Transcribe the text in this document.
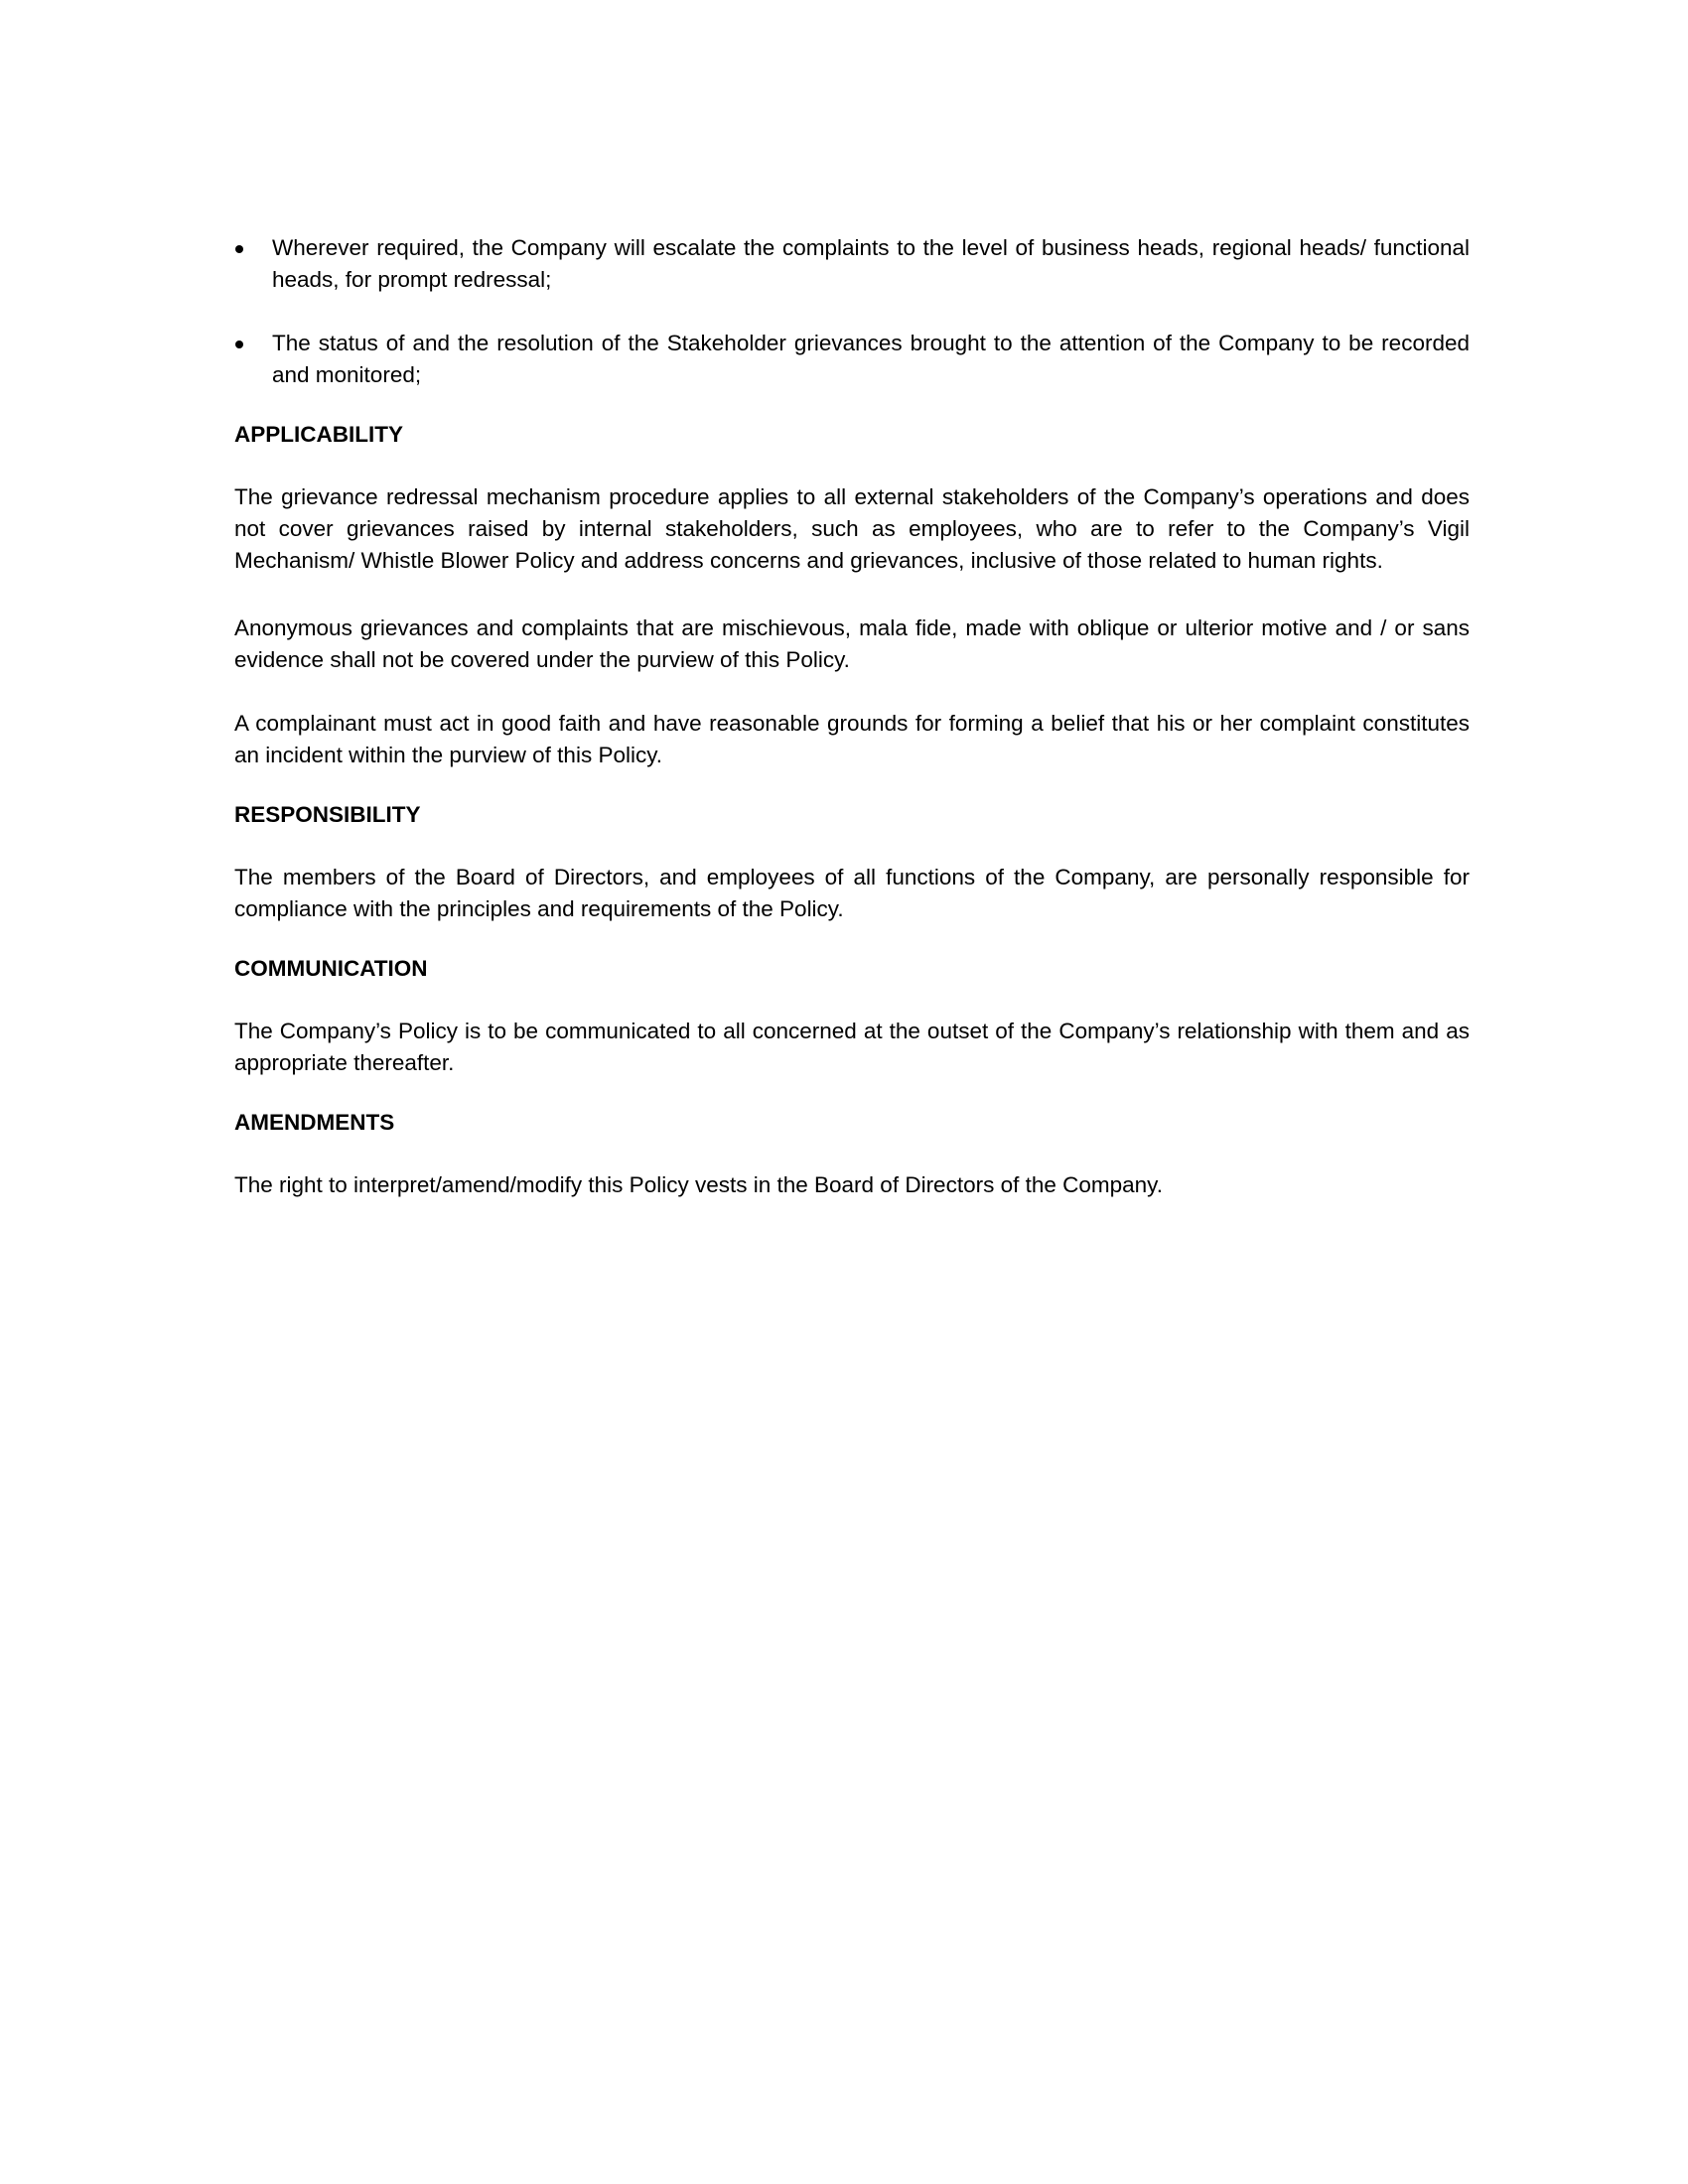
Wherever required, the Company will escalate the complaints to the level of business heads, regional heads/ functional heads, for prompt redressal;
The status of and the resolution of the Stakeholder grievances brought to the attention of the Company to be recorded and monitored;
APPLICABILITY
The grievance redressal mechanism procedure applies to all external stakeholders of the Company’s operations and does not cover grievances raised by internal stakeholders, such as employees, who are to refer to the Company’s Vigil Mechanism/ Whistle Blower Policy and address concerns and grievances, inclusive of those related to human rights.
Anonymous grievances and complaints that are mischievous, mala fide, made with oblique or ulterior motive and / or sans evidence shall not be covered under the purview of this Policy.
A complainant must act in good faith and have reasonable grounds for forming a belief that his or her complaint constitutes an incident within the purview of this Policy.
RESPONSIBILITY
The members of the Board of Directors, and employees of all functions of the Company, are personally responsible for compliance with the principles and requirements of the Policy.
COMMUNICATION
The Company’s Policy is to be communicated to all concerned at the outset of the Company’s relationship with them and as appropriate thereafter.
AMENDMENTS
The right to interpret/amend/modify this Policy vests in the Board of Directors of the Company.
